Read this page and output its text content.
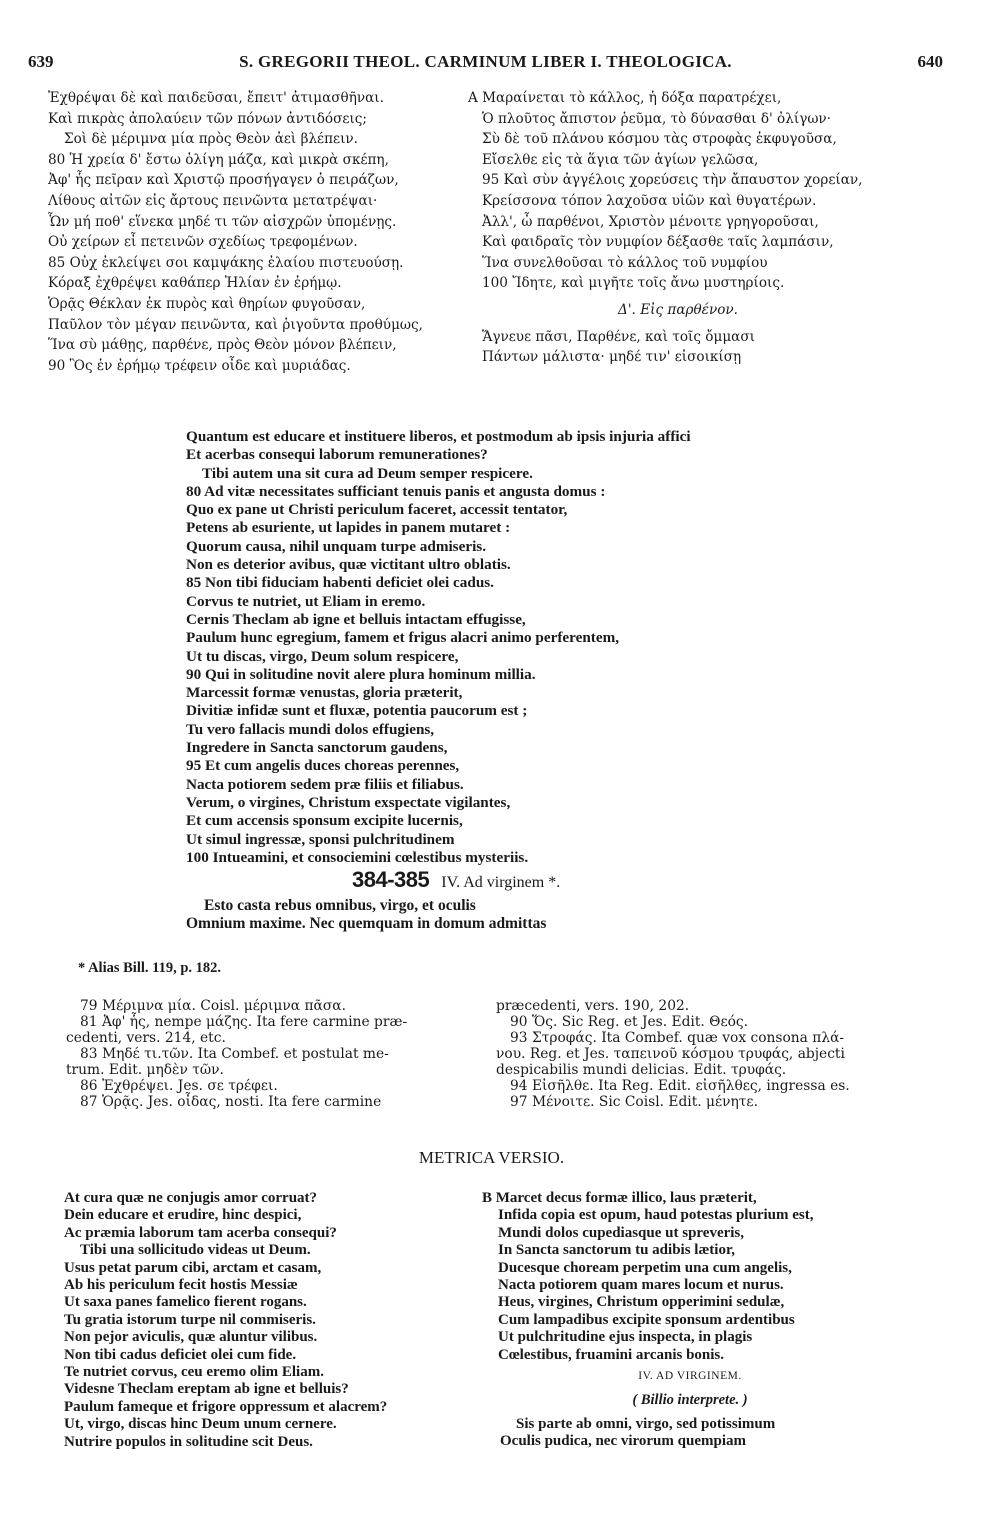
639	S. GREGORII THEOL. CARMINUM LIBER I. THEOLOGICA.	640
Ἐχθρέψαι δὲ καὶ παιδεῦσαι, ἔπειτ' ἀτιμασθῆναι.
Καὶ πικρὰς ἀπολαύειν τῶν πόνων ἀντιδόσεις;
Σοὶ δὲ μέριμνα μία πρὸς Θεὸν ἀεὶ βλέπειν.
80 Ἡ χρεία δ' ἔστω ὀλίγη μάζα, καὶ μικρὰ σκέπη,
Ἀφ' ἧς πεῖραν καὶ Χριστῷ προσήγαγεν ὁ πειράζων,
Λίθους αἰτῶν εἰς ἄρτους πεινῶντα μετατρέψαι·
Ὧν μή ποθ' εἵνεκα μηδέ τι τῶν αἰσχρῶν ὑπομένῃς.
Οὐ χείρων εἶ πετεινῶν σχεδίως τρεφομένων.
85 Οὐχ ἐκλείψει σοι καμψάκης ἐλαίου πιστευούσῃ.
Κόραξ ἐχθρέψει καθάπερ Ἠλίαν ἐν ἐρήμῳ.
Ὁρᾷς Θέκλαν ἐκ πυρὸς καὶ θηρίων φυγοῦσαν,
Παῦλον τὸν μέγαν πεινῶντα, καὶ ῥιγοῦντα προθύμως,
Ἵνα σὺ μάθῃς, παρθένε, πρὸς Θεὸν μόνον βλέπειν,
90 Ὃς ἐν ἐρήμῳ τρέφειν οἶδε καὶ μυριάδας.
A Μαραίνεται τὸ κάλλος, ἡ δόξα παρατρέχει,
Ὁ πλοῦτος ἄπιστον ῥεῦμα, τὸ δύνασθαι δ' ὀλίγων·
Σὺ δὲ τοῦ πλάνου κόσμου τὰς στροφὰς ἐκφυγοῦσα,
Εἴσελθε εἰς τὰ ἅγια τῶν ἁγίων γελῶσα,
95 Καὶ σὺν ἀγγέλοις χορεύσεις τὴν ἄπαυστον χορείαν,
Κρείσσονα τόπον λαχοῦσα υἱῶν καὶ θυγατέρων.
Ἀλλ', ὦ παρθένοι, Χριστὸν μένοιτε γρηγοροῦσαι,
Καὶ φαιδραῖς τὸν νυμφίον δέξασθε ταῖς λαμπάσιν,
Ἵνα συνελθοῦσαι τὸ κάλλος τοῦ νυμφίου
100 Ἴδητε, καὶ μιγῆτε τοῖς ἄνω μυστηρίοις.
Δ'. Εἰς παρθένον.
Ἅγνευε πᾶσι, Παρθένε, καὶ τοῖς ὄμμασι
Πάντων μάλιστα· μηδέ τιν' εἰσοικίσῃ
Quantum est educare et instituere liberos, et postmodum ab ipsis injuria affici
Et acerbas consequi laborum remunerationes?
Tibi autem una sit cura ad Deum semper respicere.
80 Ad vitæ necessitates sufficiant tenuis panis et angusta domus :
Quo ex pane ut Christi periculum faceret, accessit tentator,
Petens ab esuriente, ut lapides in panem mutaret :
Quorum causa, nihil unquam turpe admiseris.
Non es deterior avibus, quæ victitant ultro oblatis.
85 Non tibi fiduciam habenti deficiet olei cadus.
Corvus te nutriet, ut Eliam in eremo.
Cernis Theclam ab igne et belluis intactam effugisse,
Paulum hunc egregium, famem et frigus alacri animo perferentem,
Ut tu discas, virgo, Deum solum respicere,
90 Qui in solitudine novit alere plura hominum millia.
Marcessit formæ venustas, gloria præterit,
Divitiæ infidæ sunt et fluxæ, potentia paucorum est ;
Tu vero fallacis mundi dolos effugiens,
Ingredere in Sancta sanctorum gaudens,
95 Et cum angelis duces choreas perennes,
Nacta potiorem sedem præ filiis et filiabus.
Verum, o virgines, Christum exspectate vigilantes,
Et cum accensis sponsum excipite lucernis,
Ut simul ingressæ, sponsi pulchritudinem
100 Intueamini, et consociemini cœlestibus mysteriis.
384-385 IV. Ad virginem *.
Esto casta rebus omnibus, virgo, et oculis
Omnium maxime. Nec quemquam in domum admittas
* Alias Bill. 119, p. 182.
79 Μέριμνα μία. Coisl. μέριμνα πᾶσα.
81 Ἀφ' ἧς, nempe μάζης. Ita fere carmine præ-
cedenti, vers. 214, etc.
83 Μηδέ τι.τῶν. Ita Combef. et postulat me-
trum. Edit. μηδὲν τῶν.
86 Ἐχθρέψει. Jes. σε τρέφει.
87 Ὁρᾷς. Jes. οἶδας, nosti. Ita fere carmine
præcedenti, vers. 190, 202.
90 Ὅς. Sic Reg. et Jes. Edit. Θεός.
93 Στροφάς. Ita Combef. quæ vox consona πλά-
νου. Reg. et Jes. ταπεινοῦ κόσμου τρυφάς, abjecti
despicabilis mundi delicias. Edit. τρυφάς.
94 Εἰσῆλθε. Ita Reg. Edit. εἰσῆλθες, ingressa es.
97 Μένοιτε. Sic Coisl. Edit. μένητε.
METRICA VERSIO.
At cura quæ ne conjugis amor corruat?
Dein educare et erudire, hinc despici,
Ac præmia laborum tam acerba consequi?
Tibi una sollicitudo videas ut Deum.
Usus petat parum cibi, arctam et casam,
Ab his periculum fecit hostis Messiæ
Ut saxa panes famelico fierent rogans.
Tu gratia istorum turpe nil commiseris.
Non pejor aviculis, quæ aluntur vilibus.
Non tibi cadus deficiet olei cum fide.
Te nutriet corvus, ceu eremo olim Eliam.
Videsne Theclam ereptam ab igne et belluis?
Paulum fameque et frigore oppressum et alacrem?
Ut, virgo, discas hinc Deum unum cernere.
Nutrire populos in solitudine scit Deus.
B Marcet decus formæ illico, laus præterit,
Infida copia est opum, haud potestas plurium est,
Mundi dolos cupediasque ut spreveris,
In Sancta sanctorum tu adibis lætior,
Ducesque choream perpetim una cum angelis,
Nacta potiorem quam mares locum et nurus.
Heus, virgines, Christum opperimini sedulæ,
Cum lampadibus excipite sponsum ardentibus
Ut pulchritudine ejus inspecta, in plagis
Cœlestibus, fruamini arcanis bonis.
IV. AD VIRGINEM.
( Billio interprete. )
Sis parte ab omni, virgo, sed potissimum
Oculis pudica, nec virorum quempiam
